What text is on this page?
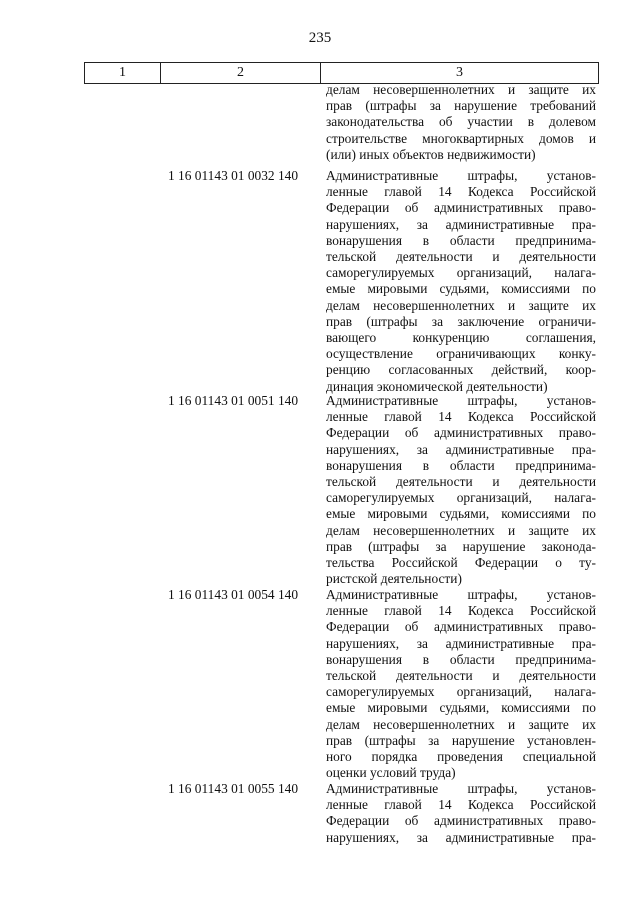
235
1	2	3
делам несовершеннолетних и защите их
прав (штрафы за нарушение требований
законодательства об участии в долевом
строительстве многоквартирных домов и
(или) иных объектов недвижимости)
1 16 01143 01 0032 140 Административные штрафы, установ-
ленные главой 14 Кодекса Российской
Федерации об административных право-
нарушениях, за административные пра-
вонарушения в области предпринима-
тельской деятельности и деятельности
саморегулируемых организаций, налага-
емые мировыми судьями, комиссиями по
делам несовершеннолетних и защите их
прав (штрафы за заключение ограничи-
вающего конкуренцию соглашения,
осуществление ограничивающих конку-
ренцию согласованных действий, коор-
динация экономической деятельности)
1 16 01143 01 0051 140 Административные штрафы, установ-
ленные главой 14 Кодекса Российской
Федерации об административных право-
нарушениях, за административные пра-
вонарушения в области предпринима-
тельской деятельности и деятельности
саморегулируемых организаций, налага-
емые мировыми судьями, комиссиями по
делам несовершеннолетних и защите их
прав (штрафы за нарушение законода-
тельства Российской Федерации о ту-
ристской деятельности)
1 16 01143 01 0054 140 Административные штрафы, установ-
ленные главой 14 Кодекса Российской
Федерации об административных право-
нарушениях, за административные пра-
вонарушения в области предпринима-
тельской деятельности и деятельности
саморегулируемых организаций, налага-
емые мировыми судьями, комиссиями по
делам несовершеннолетних и защите их
прав (штрафы за нарушение установлен-
ного порядка проведения специальной
оценки условий труда)
1 16 01143 01 0055 140 Административные штрафы, установ-
ленные главой 14 Кодекса Российской
Федерации об административных право-
нарушениях, за административные пра-
